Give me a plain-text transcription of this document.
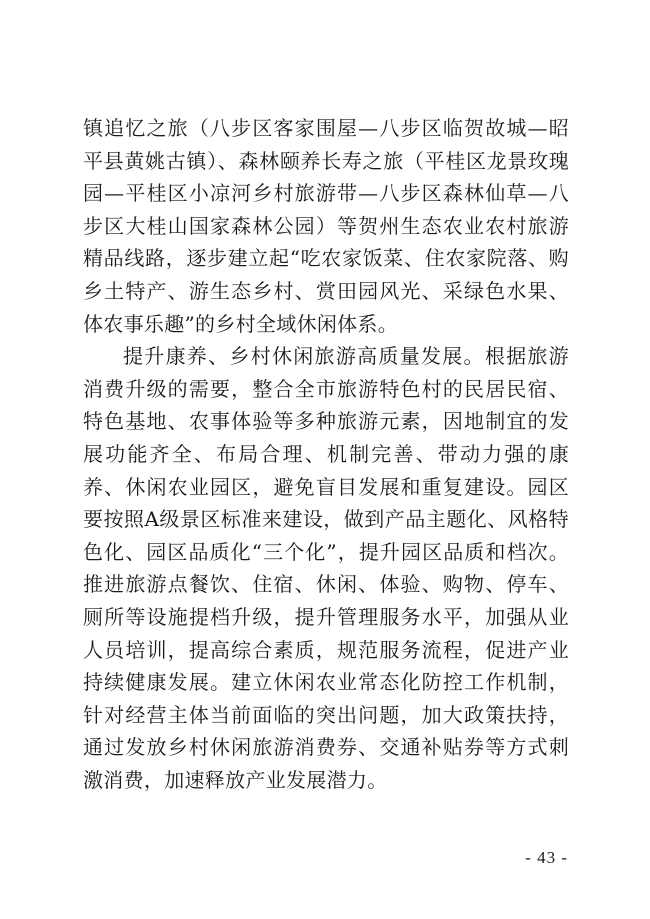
镇追忆之旅（八步区客家围屋—八步区临贺故城—昭平县黄姚古镇）、森林颐养长寿之旅（平桂区龙景玫瑰园—平桂区小凉河乡村旅游带—八步区森林仙草—八步区大桂山国家森林公园）等贺州生态农业农村旅游精品线路，逐步建立起“吃农家饭菜、住农家院落、购乡土特产、游生态乡村、赏田园风光、采绿色水果、体农事乐趣”的乡村全域休闲体系。

提升康养、乡村休闲旅游高质量发展。根据旅游消费升级的需要，整合全市旅游特色村的民居民宿、特色基地、农事体验等多种旅游元素，因地制宜的发展功能齐全、布局合理、机制完善、带动力强的康养、休闲农业园区，避免盲目发展和重复建设。园区要按照A级景区标准来建设，做到产品主题化、风格特色化、园区品质化“三个化”，提升园区品质和档次。推进旅游点餐饮、住宿、休闲、体验、购物、停车、厕所等设施提档升级，提升管理服务水平，加强从业人员培训，提高综合素质，规范服务流程，促进产业持续健康发展。建立休闲农业常态化防控工作机制，针对经营主体当前面临的突出问题，加大政策扶持，通过发放乡村休闲旅游消费券、交通补贴券等方式刺激消费，加速释放产业发展潜力。

- 43 -
